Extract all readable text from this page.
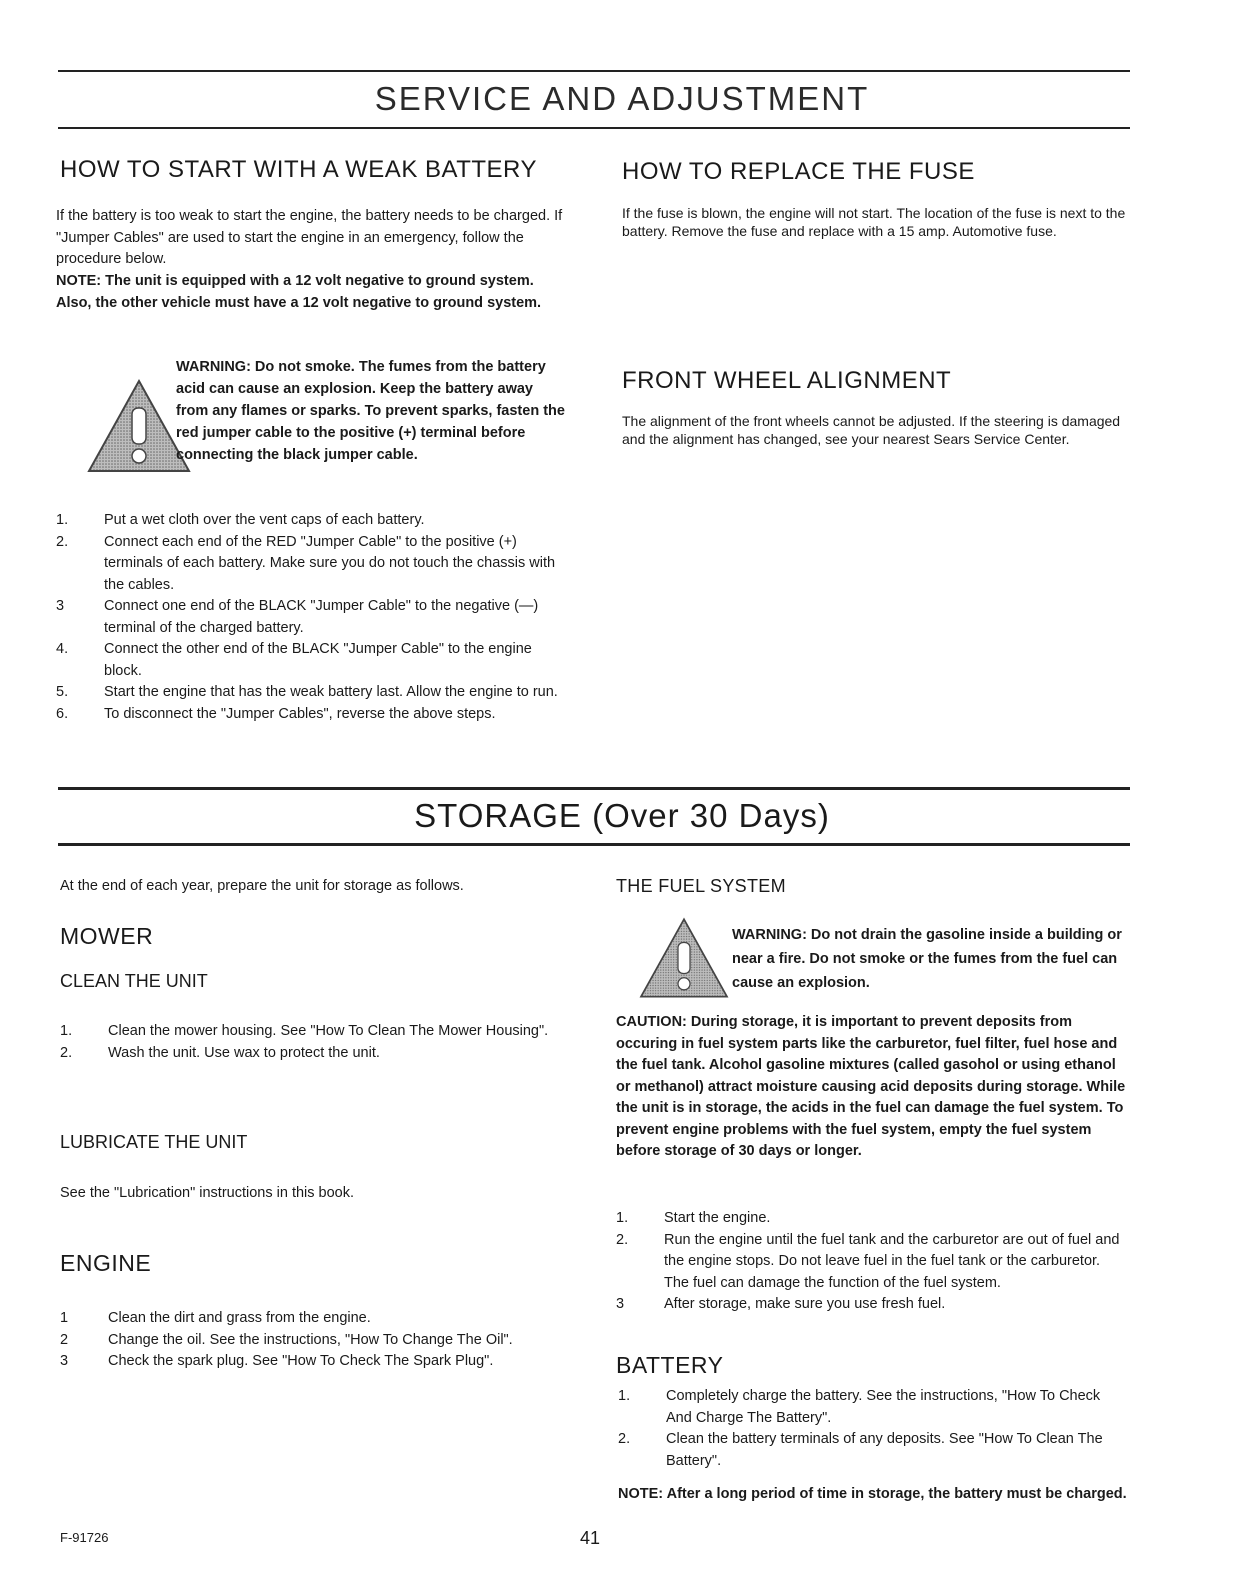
SERVICE AND ADJUSTMENT
HOW TO START WITH A WEAK BATTERY
If the battery is too weak to start the engine, the battery needs to be charged. If "Jumper Cables" are used to start the engine in an emergency, follow the procedure below.
NOTE: The unit is equipped with a 12 volt negative to ground system. Also, the other vehicle must have a 12 volt negative to ground system.
WARNING: Do not smoke. The fumes from the battery acid can cause an explosion. Keep the battery away from any flames or sparks. To prevent sparks, fasten the red jumper cable to the positive (+) terminal before connecting the black jumper cable.
1. Put a wet cloth over the vent caps of each battery.
2. Connect each end of the RED "Jumper Cable" to the positive (+) terminals of each battery. Make sure you do not touch the chassis with the cables.
3	Connect one end of the BLACK "Jumper Cable" to the negative (—) terminal of the charged battery.
4. Connect the other end of the BLACK "Jumper Cable" to the engine block.
5. Start the engine that has the weak battery last. Allow the engine to run.
6. To disconnect the "Jumper Cables", reverse the above steps.
HOW TO REPLACE THE FUSE
If the fuse is blown, the engine will not start. The location of the fuse is next to the battery. Remove the fuse and replace with a 15 amp. Automotive fuse.
FRONT WHEEL ALIGNMENT
The alignment of the front wheels cannot be adjusted. If the steering is damaged and the alignment has changed, see your nearest Sears Service Center.
STORAGE (Over 30 Days)
At the end of each year, prepare the unit for storage as follows.
MOWER
CLEAN THE UNIT
1. Clean the mower housing. See "How To Clean The Mower Housing".
2. Wash the unit. Use wax to protect the unit.
LUBRICATE THE UNIT
See the "Lubrication" instructions in this book.
ENGINE
1	Clean the dirt and grass from the engine.
2	Change the oil. See the instructions, "How To Change The Oil".
3	Check the spark plug. See "How To Check The Spark Plug".
THE FUEL SYSTEM
WARNING: Do not drain the gasoline inside a building or near a fire. Do not smoke or the fumes from the fuel can cause an explosion.
CAUTION: During storage, it is important to prevent deposits from occuring in fuel system parts like the carburetor, fuel filter, fuel hose and the fuel tank. Alcohol gasoline mixtures (called gasohol or using ethanol or methanol) attract moisture causing acid deposits during storage. While the unit is in storage, the acids in the fuel can damage the fuel system. To prevent engine problems with the fuel system, empty the fuel system before storage of 30 days or longer.
1. Start the engine.
2. Run the engine until the fuel tank and the carburetor are out of fuel and the engine stops. Do not leave fuel in the fuel tank or the carburetor. The fuel can damage the function of the fuel system.
3	After storage, make sure you use fresh fuel.
BATTERY
1. Completely charge the battery. See the instructions, "How To Check And Charge The Battery".
2. Clean the battery terminals of any deposits. See "How To Clean The Battery".
NOTE: After a long period of time in storage, the battery must be charged.
F-91726	41
